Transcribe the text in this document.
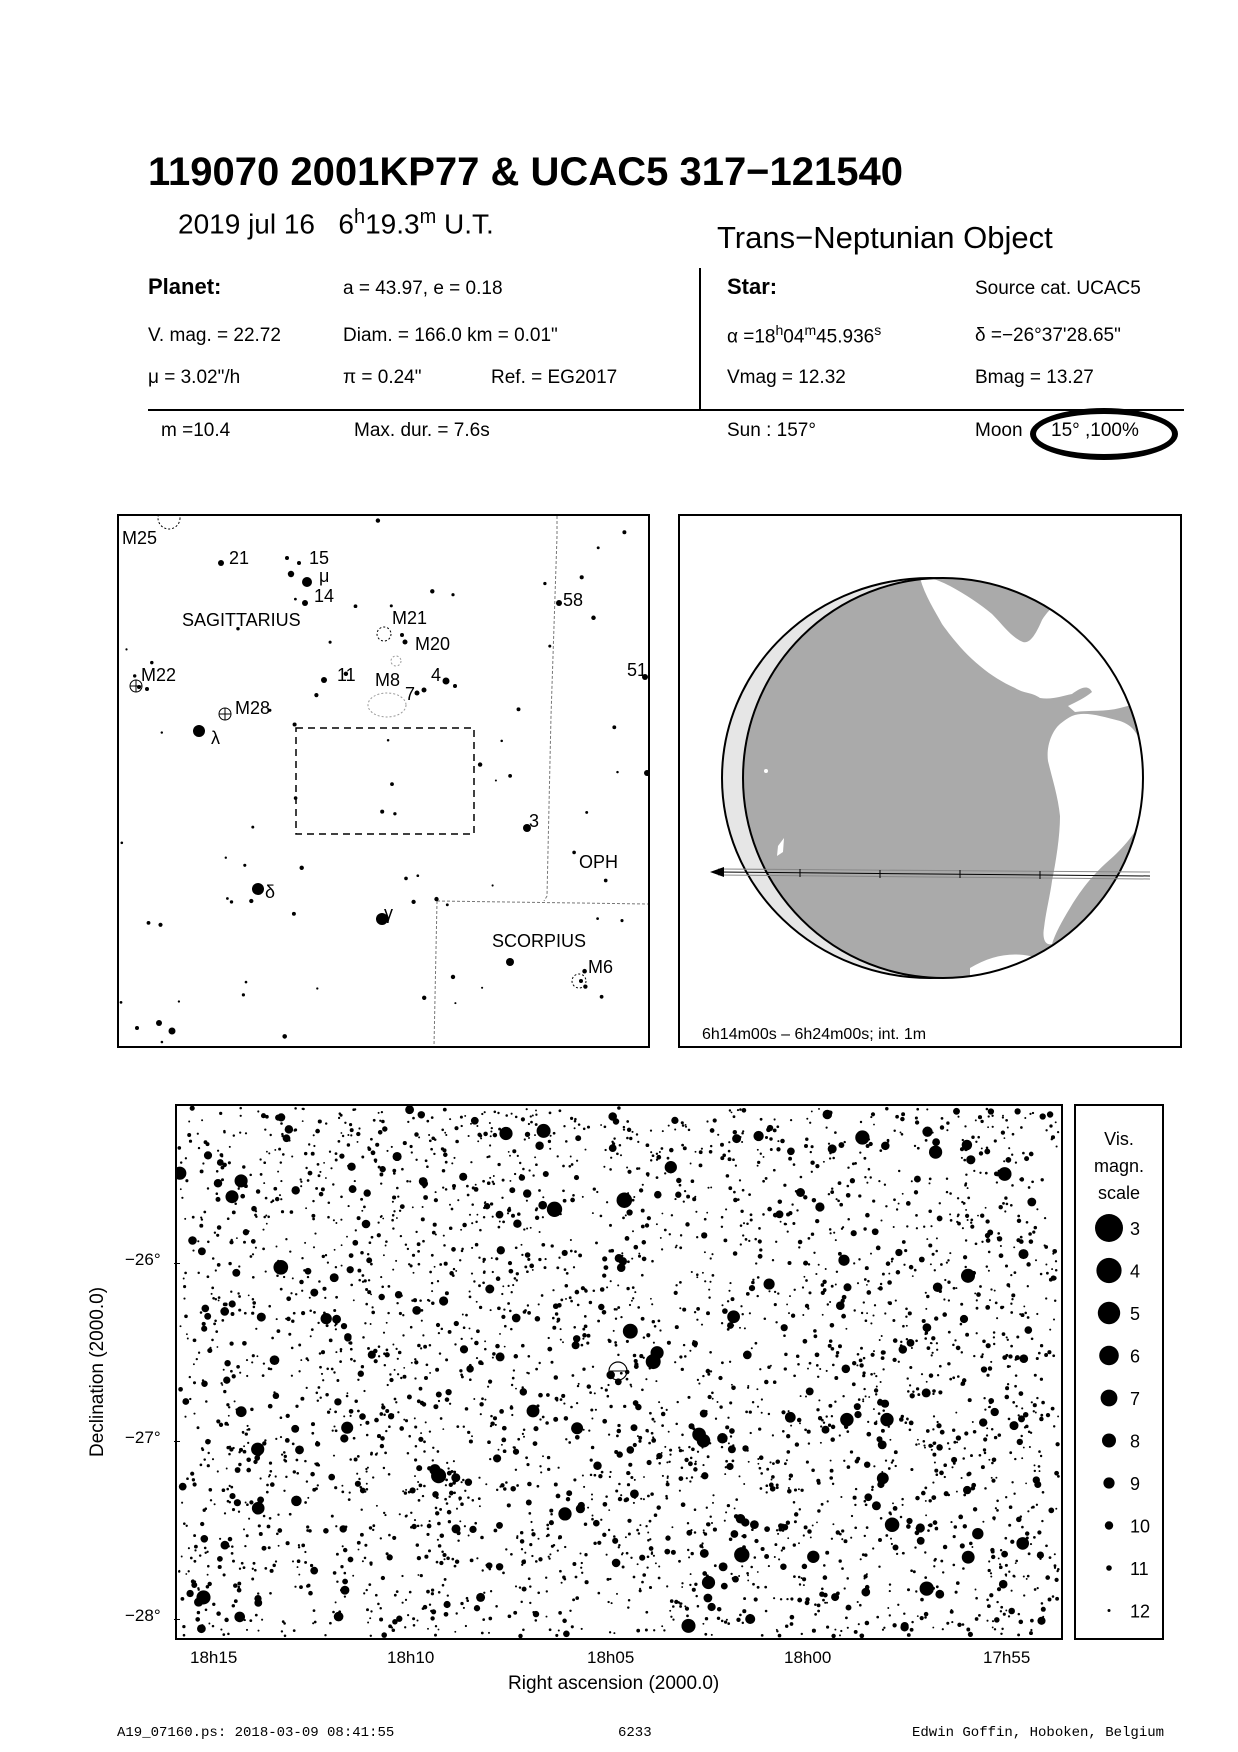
119070 2001KP77 & UCAC5 317−121540
2019 jul 16 6$^h$19.3$^m$ U.T.	Trans−Neptunian Object
Planet:	a = 43.97, e = 0.18
V. mag. = 22.72	Diam. = 166.0 km = 0.01"
μ = 3.02"/h	π = 0.24"	Ref. = EG2017
Star:	Source cat. UCAC5
$\alpha =18^h04^m45.936^s$	δ =−26°37'28.65"
Vmag = 12.32	Bmag = 13.27
m =10.4	Max. dur. = 7.6s	Sun : 157°	Moon 15° ,100%
M25
21	15
μ
14
SAGITTARIUS	M21
M20
58
M22	11 M8 4
7
51
M28
λ
3
OPH
δ
γ
SCORPIUS
M6
6h14m00s – 6h24m00s; int. 1m
−26°
−27°
−28°
Declination (2000.0)
18h15	18h10	18h05	18h00	17h55
Right ascension (2000.0)
Vis.
magn.
scale
3
4
5
6
7
8
9
10
11
12
A19_07160.ps: 2018-03-09 08:41:55	6233	Edwin Goffin, Hoboken, Belgium
